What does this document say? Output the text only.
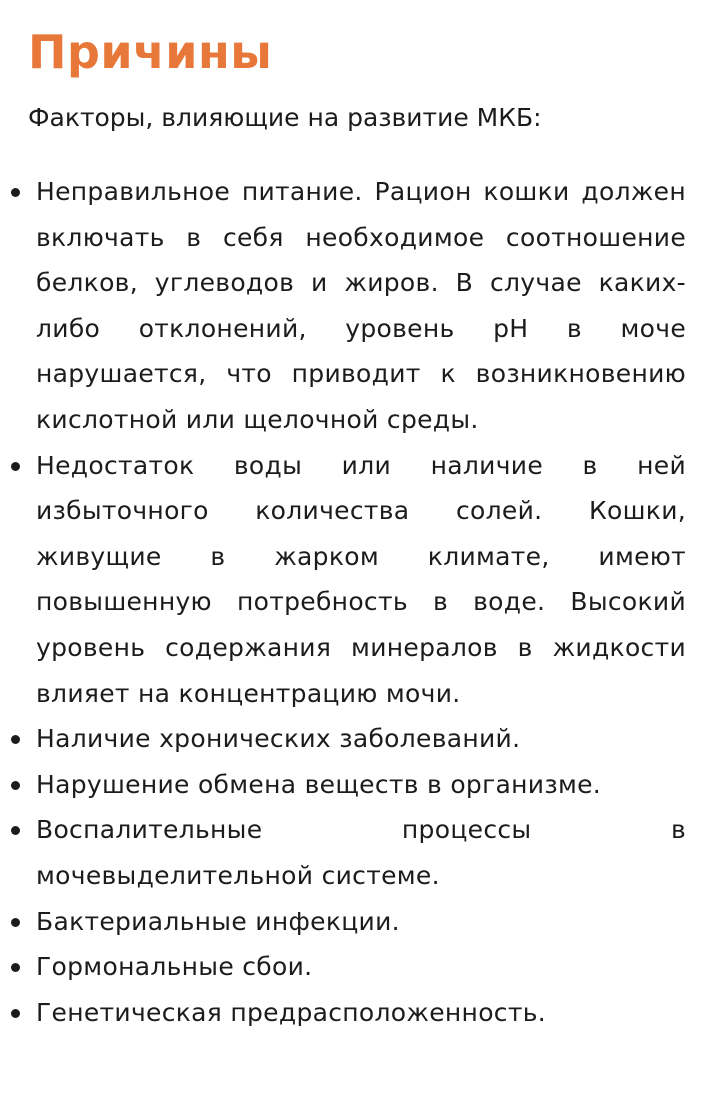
Причины

Факторы, влияющие на развитие МКБ:

Неправильное питание. Рацион кошки должен включать в себя необходимое соотношение белков, углеводов и жиров. В случае каких-либо отклонений, уровень рН в моче нарушается, что приводит к возникновению кислотной или щелочной среды.
Недостаток воды или наличие в ней избыточного количества солей. Кошки, живущие в жарком климате, имеют повышенную потребность в воде. Высокий уровень содержания минералов в жидкости влияет на концентрацию мочи.
Наличие хронических заболеваний.
Нарушение обмена веществ в организме.
Воспалительные процессы в мочевыделительной системе.
Бактериальные инфекции.
Гормональные сбои.
Генетическая предрасположенность.
